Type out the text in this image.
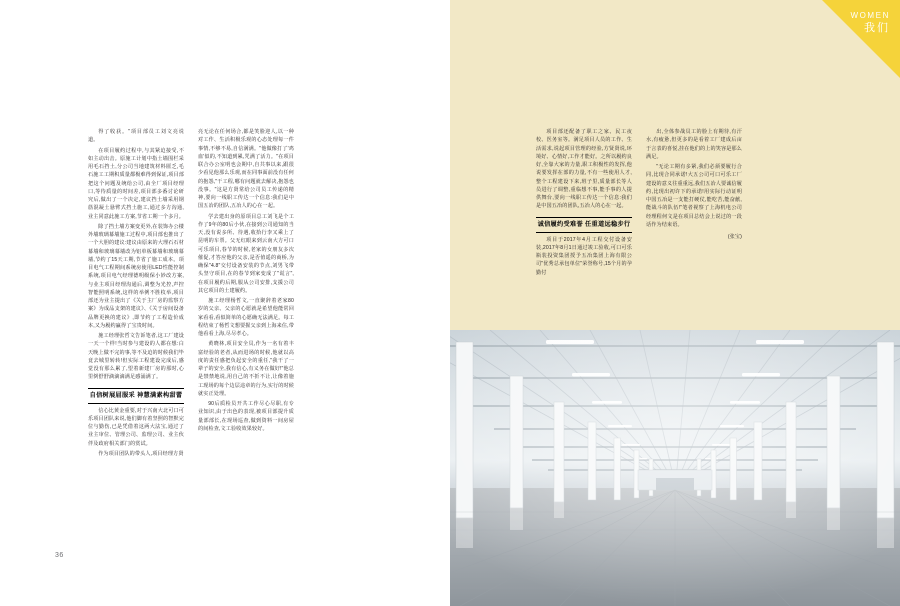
得了收获。"项目部员工刘文亮说道。

在项目履约过程中,与其紧迫接受,不如主动出击。原施工计划中指土墙围栏采用毛石挡土,分公司当地建筑材料匮乏,毛石施工工期积质量都极难得到保证,项目部把这个问题及统给公司,由全厂项目经理口,等待质量的时间差,项目部多番讨论研究后,做出了一个决定,建议挡土墙采用钢筋混凝土悬臂式挡土施工,通过多方沟通,业主同意此施工方案,节省工期一个多月。

除了挡土墙方案变更外,在装饰办公楼外墙玻璃幕墙施工过程中,项目部也推出了一个大胆的建议:建议由原来的大理石石材幕墙和玻璃幕墙改为铝单板幕墙和玻璃幕墙,节约了15天工期,节省了施工成本。项目电气工程期间系统房使用LED性能控制系统,项目电气经理德明级保小妙改方案,与业主项目经理沟通后,调整为光控,声控智能照明系统,这样的举例不胜枚举,项目部还为业主提出了《关于主厂房的监察方案》为成品支架的建议》、《关于房间设备品牌更换的建议》,即节约了工程造价成本,又为履约赢得了宝贵时间。

施工经理张哲文告诉笔者,这工厂建设一天一个样!当时参与建设的人都在想:白天晚上做不完的事,等不及迫的时候我们毕竟去城里转转!但实际工程建设完成后,感觉没有那么累了,望着新建厂房的那时,心里倒舒舒滴滴滴满足感涌满了。

自信树展屈服采 神慧满素构甜蕾

信心比黄金重要,对于兴南大北可口可乐项目团队来说,他们脚有着坚照的智默完位与勤伤,已是凭借着这两大法宝,通过了业主审位、管理公司、监理公司、业主伙伴及政府相关部门的赏试。

作为项目团队的带头人,项目经理方贤

亮无论在任何场合,都是笑脸迎人,以一种对工作、生活积极乐观的心态处理每一件事情,不够不易,自信满满。"他做像打了'鸡血'似的,不知道到累,咒满了活力。"在项目联合办公室明也会期中,自共事以来,跟很少看见他那么乐观,而在同事面前没有任何的抱怨,"干工程,哪有问题就去解决,抱怨也没事。"这是方贤常给公司员工传递的精神,要向一线职工传达一个信息:我们是中国五冶的团队,五冶人的心在一起。

学去建出身的原项目总工刘飞是个工作了9年的80后小伙,在接到公司通知的当天,没有说多所、待遇,收拾行李又乘上了昆明的车票。父无红眼来到云南大方可口可乐项目,春节的时候,老家的女朋友多次催促,才答应他的父亲,是否值遥的商桥,为确保"4.8"交付设备安装的节点,刘男飞带头坚守项目,在的春节到家变成了"谎言",在项目履约后期,服从公司安排,支援公司其它项目的土建履约。

施工经理杨哲文,一直聚辞着老家80岁的父亲、父亲的心愿就是希望他能常回家看看,看似简单的心愿确无法满足。每工程结束了杨哲文想要握父亲到上海来住,带他看看上海,尽尽孝心。

黄晓林,项目安全员,作为一名有着丰富经验的老者,从而进场的时候,他就以高度的责任感把负起安全的重任,"我干了一辈子的安全,我有信心,有义务在做好!"他总是禁禁地说,用自己的不折不让,让像着施工现场的每个边层违章的行为,实行的时候就实正处理。

90后质检员开共工作尽心尽职,有专业知识,由于出色的表现,被项目部提升质量部部长,在现场巡查,做到资料一间房屋的间检查,文工验收效果较好。

36
WOMEN
我们

项目部还配备了职工之家、民工夜校、医务室等。满足项目人员的工作、生活需求,说起项目管理的经验,方贤贤说,环境好、心情好,工作才能好。之所以履约良好,全靠大家的力量,职工积极性的发挥,他说要发挥在部的力量,不有一些使用人才,整个工程建设下来,班子里,质量部长等人员进行了调整,重临想不事,能手事的人提供舞台,要向一线职工传达一个信息:我们是中国五冶的团队,五冶人的心在一起。

诚信履约受难誉 任重道远稳步行

项目于2017年4月工程交付设备安装,2017年8月1日通过竣工验收,可口可乐瓶装投资集团授予五冶集团上海有限公司"优秀总承包单位"荣誉称号,15个月的孕勤付

出,全体参战员工的脸上有期待,有汗水,有疲惫,但更多的是看着工厂建成后亩于言表的喜悦,挂在他们的上的笑容是那么满足。

"无论工期有多紧,我们必须要履行合同,比现合同承诺!大五公司可口可乐工厂建设的意义往重重远,我们五冶人要诚信履约,比现出初许下的承诺!用实际行动证明中国五冶是一支能打硬仗,能吃苦,能奋献,能战斗的队伍!"笔者视察了上海机电公司经理程何文是在项目总结会上说过的一段话作为结束语。

(张宝)
